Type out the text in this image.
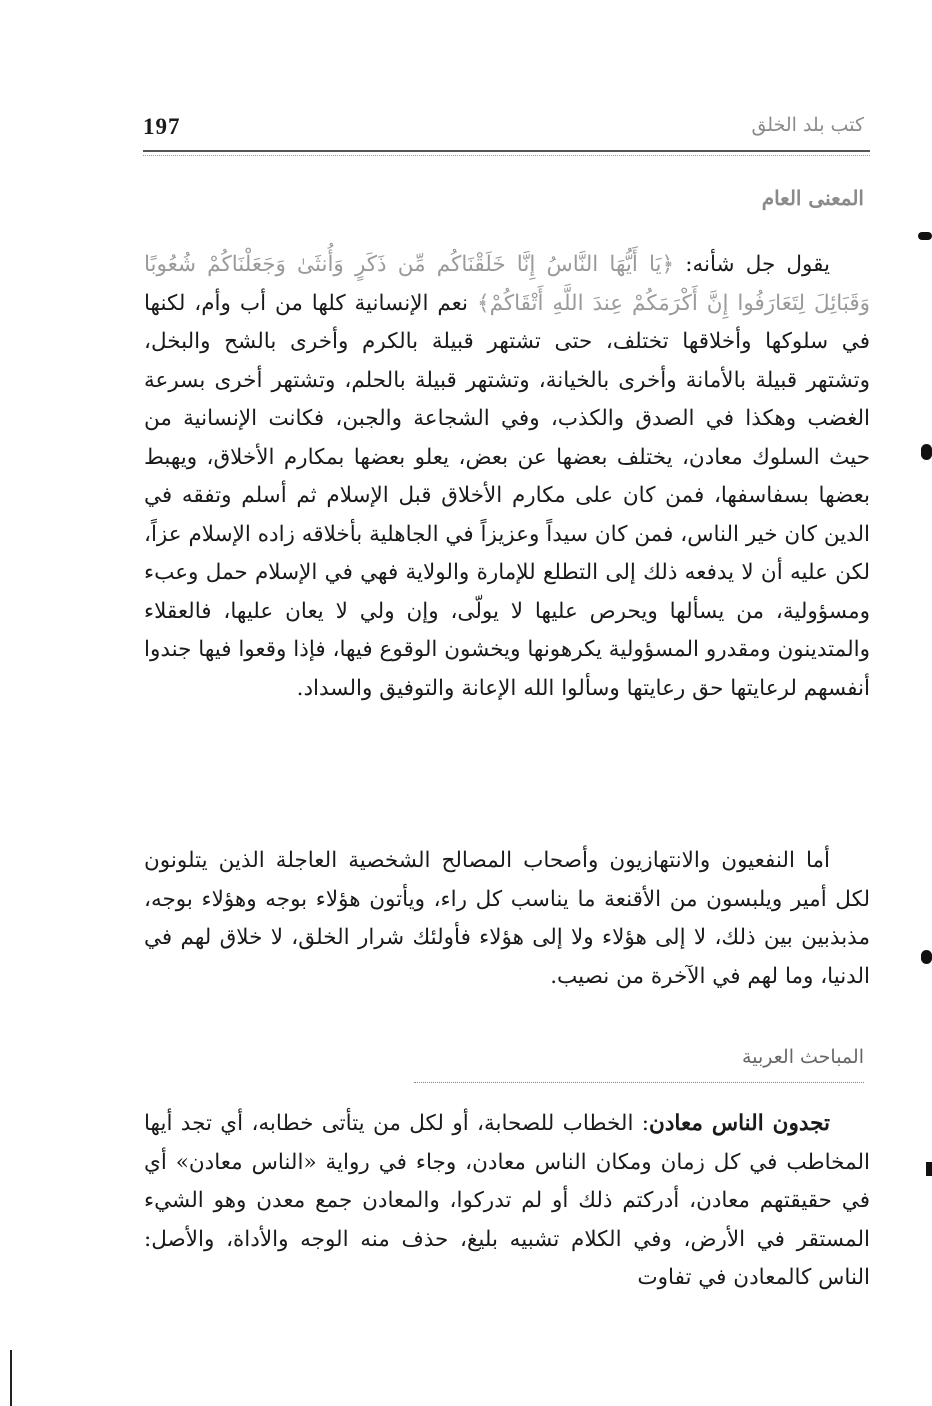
197	كتب بلد الخلق
المعنى العام

يقول جل شأنه: ﴿يَا أَيُّهَا النَّاسُ إِنَّا خَلَقْنَاكُم مِّن ذَكَرٍ وَأُنثَىٰ وَجَعَلْنَاكُمْ شُعُوبًا وَقَبَائِلَ لِتَعَارَفُوا إِنَّ أَكْرَمَكُمْ عِندَ اللَّهِ أَتْقَاكُمْ﴾ نعم الإنسانية كلها من أب وأم، لكنها في سلوكها وأخلاقها تختلف، حتى تشتهر قبيلة بالكرم وأخرى بالشح والبخل، وتشتهر قبيلة بالأمانة وأخرى بالخيانة، وتشتهر قبيلة بالحلم، وتشتهر أخرى بسرعة الغضب وهكذا في الصدق والكذب، وفي الشجاعة والجبن، فكانت الإنسانية من حيث السلوك معادن، يختلف بعضها عن بعض، يعلو بعضها بمكارم الأخلاق، ويهبط بعضها بسفاسفها، فمن كان على مكارم الأخلاق قبل الإسلام ثم أسلم وتفقه في الدين كان خير الناس، فمن كان سيداً وعزيزاً في الجاهلية بأخلاقه زاده الإسلام عزاً، لكن عليه أن لا يدفعه ذلك إلى التطلع للإمارة والولاية فهي في الإسلام حمل وعبء ومسؤولية، من يسألها ويحرص عليها لا يولّى، وإن ولي لا يعان عليها، فالعقلاء والمتدينون ومقدرو المسؤولية يكرهونها ويخشون الوقوع فيها، فإذا وقعوا فيها جندوا أنفسهم لرعايتها حق رعايتها وسألوا الله الإعانة والتوفيق والسداد.

أما النفعيون والانتهازيون وأصحاب المصالح الشخصية العاجلة الذين يتلونون لكل أمير ويلبسون من الأقنعة ما يناسب كل راء، ويأتون هؤلاء بوجه وهؤلاء بوجه، مذبذبين بين ذلك، لا إلى هؤلاء ولا إلى هؤلاء فأولئك شرار الخلق، لا خلاق لهم في الدنيا، وما لهم في الآخرة من نصيب.

المباحث العربية

تجدون الناس معادن: الخطاب للصحابة، أو لكل من يتأتى خطابه، أي تجد أيها المخاطب في كل زمان ومكان الناس معادن، وجاء في رواية «الناس معادن» أي في حقيقتهم معادن، أدركتم ذلك أو لم تدركوا، والمعادن جمع معدن وهو الشيء المستقر في الأرض، وفي الكلام تشبيه بليغ، حذف منه الوجه والأداة، والأصل: الناس كالمعادن في تفاوت
